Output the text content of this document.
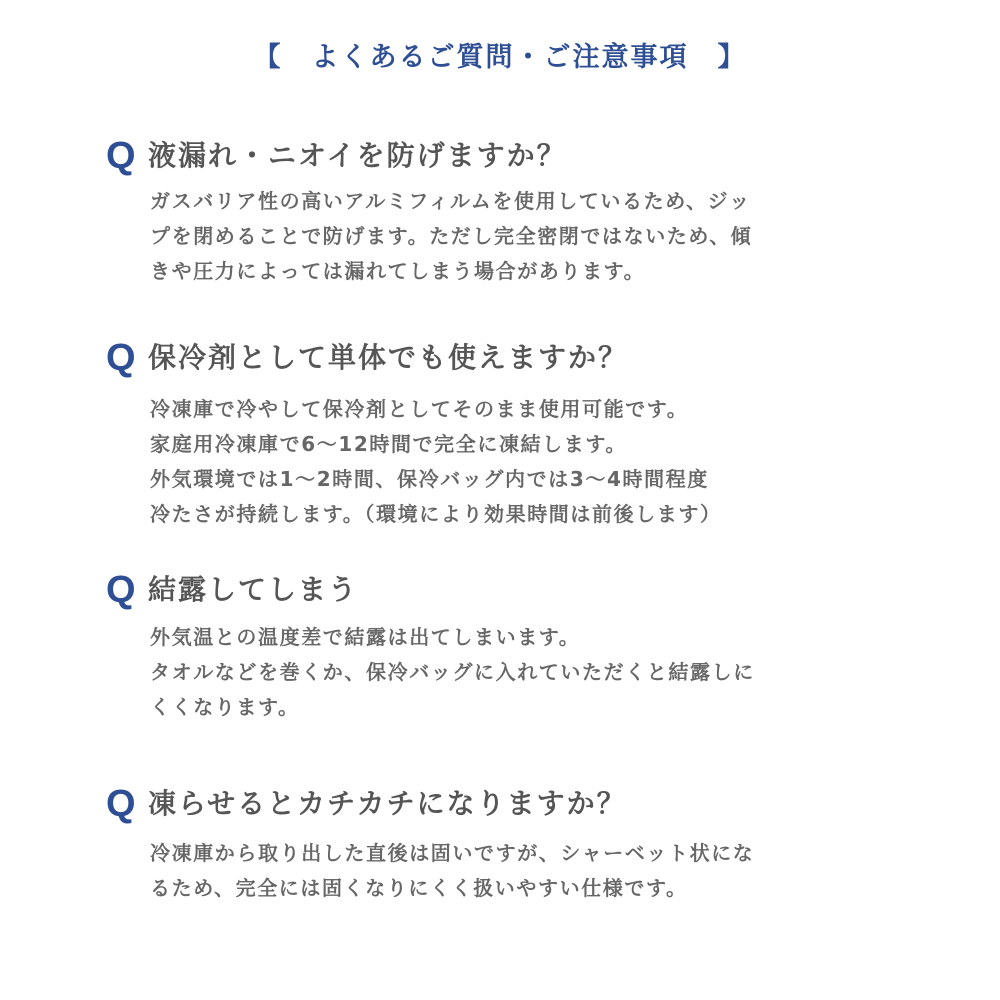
【　よくあるご質問・ご注意事項　】
Q 液漏れ・ニオイを防げますか？
ガスバリア性の高いアルミフィルムを使用しているため、ジッ
プを閉めることで防げます。ただし完全密閉ではないため、傾
きや圧力によっては漏れてしまう場合があります。
Q 保冷剤として単体でも使えますか？
冷凍庫で冷やして保冷剤としてそのまま使用可能です。
家庭用冷凍庫で6～12時間で完全に凍結します。
外気環境では1～2時間、保冷バッグ内では3～4時間程度
冷たさが持続します。（環境により効果時間は前後します）
Q 結露してしまう
外気温との温度差で結露は出てしまいます。
タオルなどを巻くか、保冷バッグに入れていただくと結露しに
くくなります。
Q 凍らせるとカチカチになりますか？
冷凍庫から取り出した直後は固いですが、シャーベット状にな
るため、完全には固くなりにくく扱いやすい仕様です。
